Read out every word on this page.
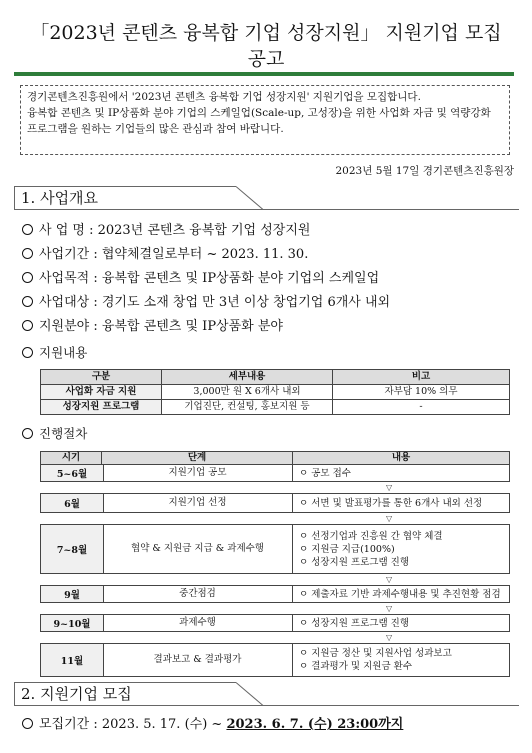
「2023년 콘텐츠 융복합 기업 성장지원」 지원기업 모집
공고

경기콘텐츠진흥원에서 '2023년 콘텐츠 융복합 기업 성장지원' 지원기업을 모집합니다.

융복합 콘텐츠 및 IP상품화 분야 기업의 스케일업(Scale-up, 고성장)을 위한 사업화 자금 및 역량강화 프로그램을 원하는 기업들의 많은 관심과 참여 바랍니다.

2023년 5월 17일 경기콘텐츠진흥원장
1. 사업개요
사 업 명 : 2023년 콘텐츠 융복합 기업 성장지원
사업기간 : 협약체결일로부터 ~ 2023. 11. 30.
사업목적 : 융복합 콘텐츠 및 IP상품화 분야 기업의 스케일업
사업대상 : 경기도 소재 창업 만 3년 이상 창업기업 6개사 내외
지원분야 : 융복합 콘텐츠 및 IP상품화 분야
지원내용
구분	세부내용	비고
사업화 자금 지원	3,000만 원 X 6개사 내외	자부담 10% 의무
성장지원 프로그램	기업진단, 컨설팅, 홍보지원 등	-
진행절차
시기	단계	내용
5~6월	지원기업 공모	ㅇ 공모 접수
▽
6월	지원기업 선정	ㅇ 서면 및 발표평가를 통한 6개사 내외 선정
▽
7~8월	협약 & 지원금 지급 & 과제수행
ㅇ 선정기업과 진흥원 간 협약 체결
ㅇ 지원금 지급(100%)
ㅇ 성장지원 프로그램 진행
▽
9월	중간점검	ㅇ 제출자료 기반 과제수행내용 및 추진현황 점검
▽
9~10월	과제수행	ㅇ 성장지원 프로그램 진행
▽
11월	결과보고 & 결과평가
ㅇ 지원금 정산 및 지원사업 성과보고
ㅇ 결과평가 및 지원금 환수
2. 지원기업 모집
모집기간 : 2023. 5. 17. (수) ~ 2023. 6. 7. (수) 23:00까지
